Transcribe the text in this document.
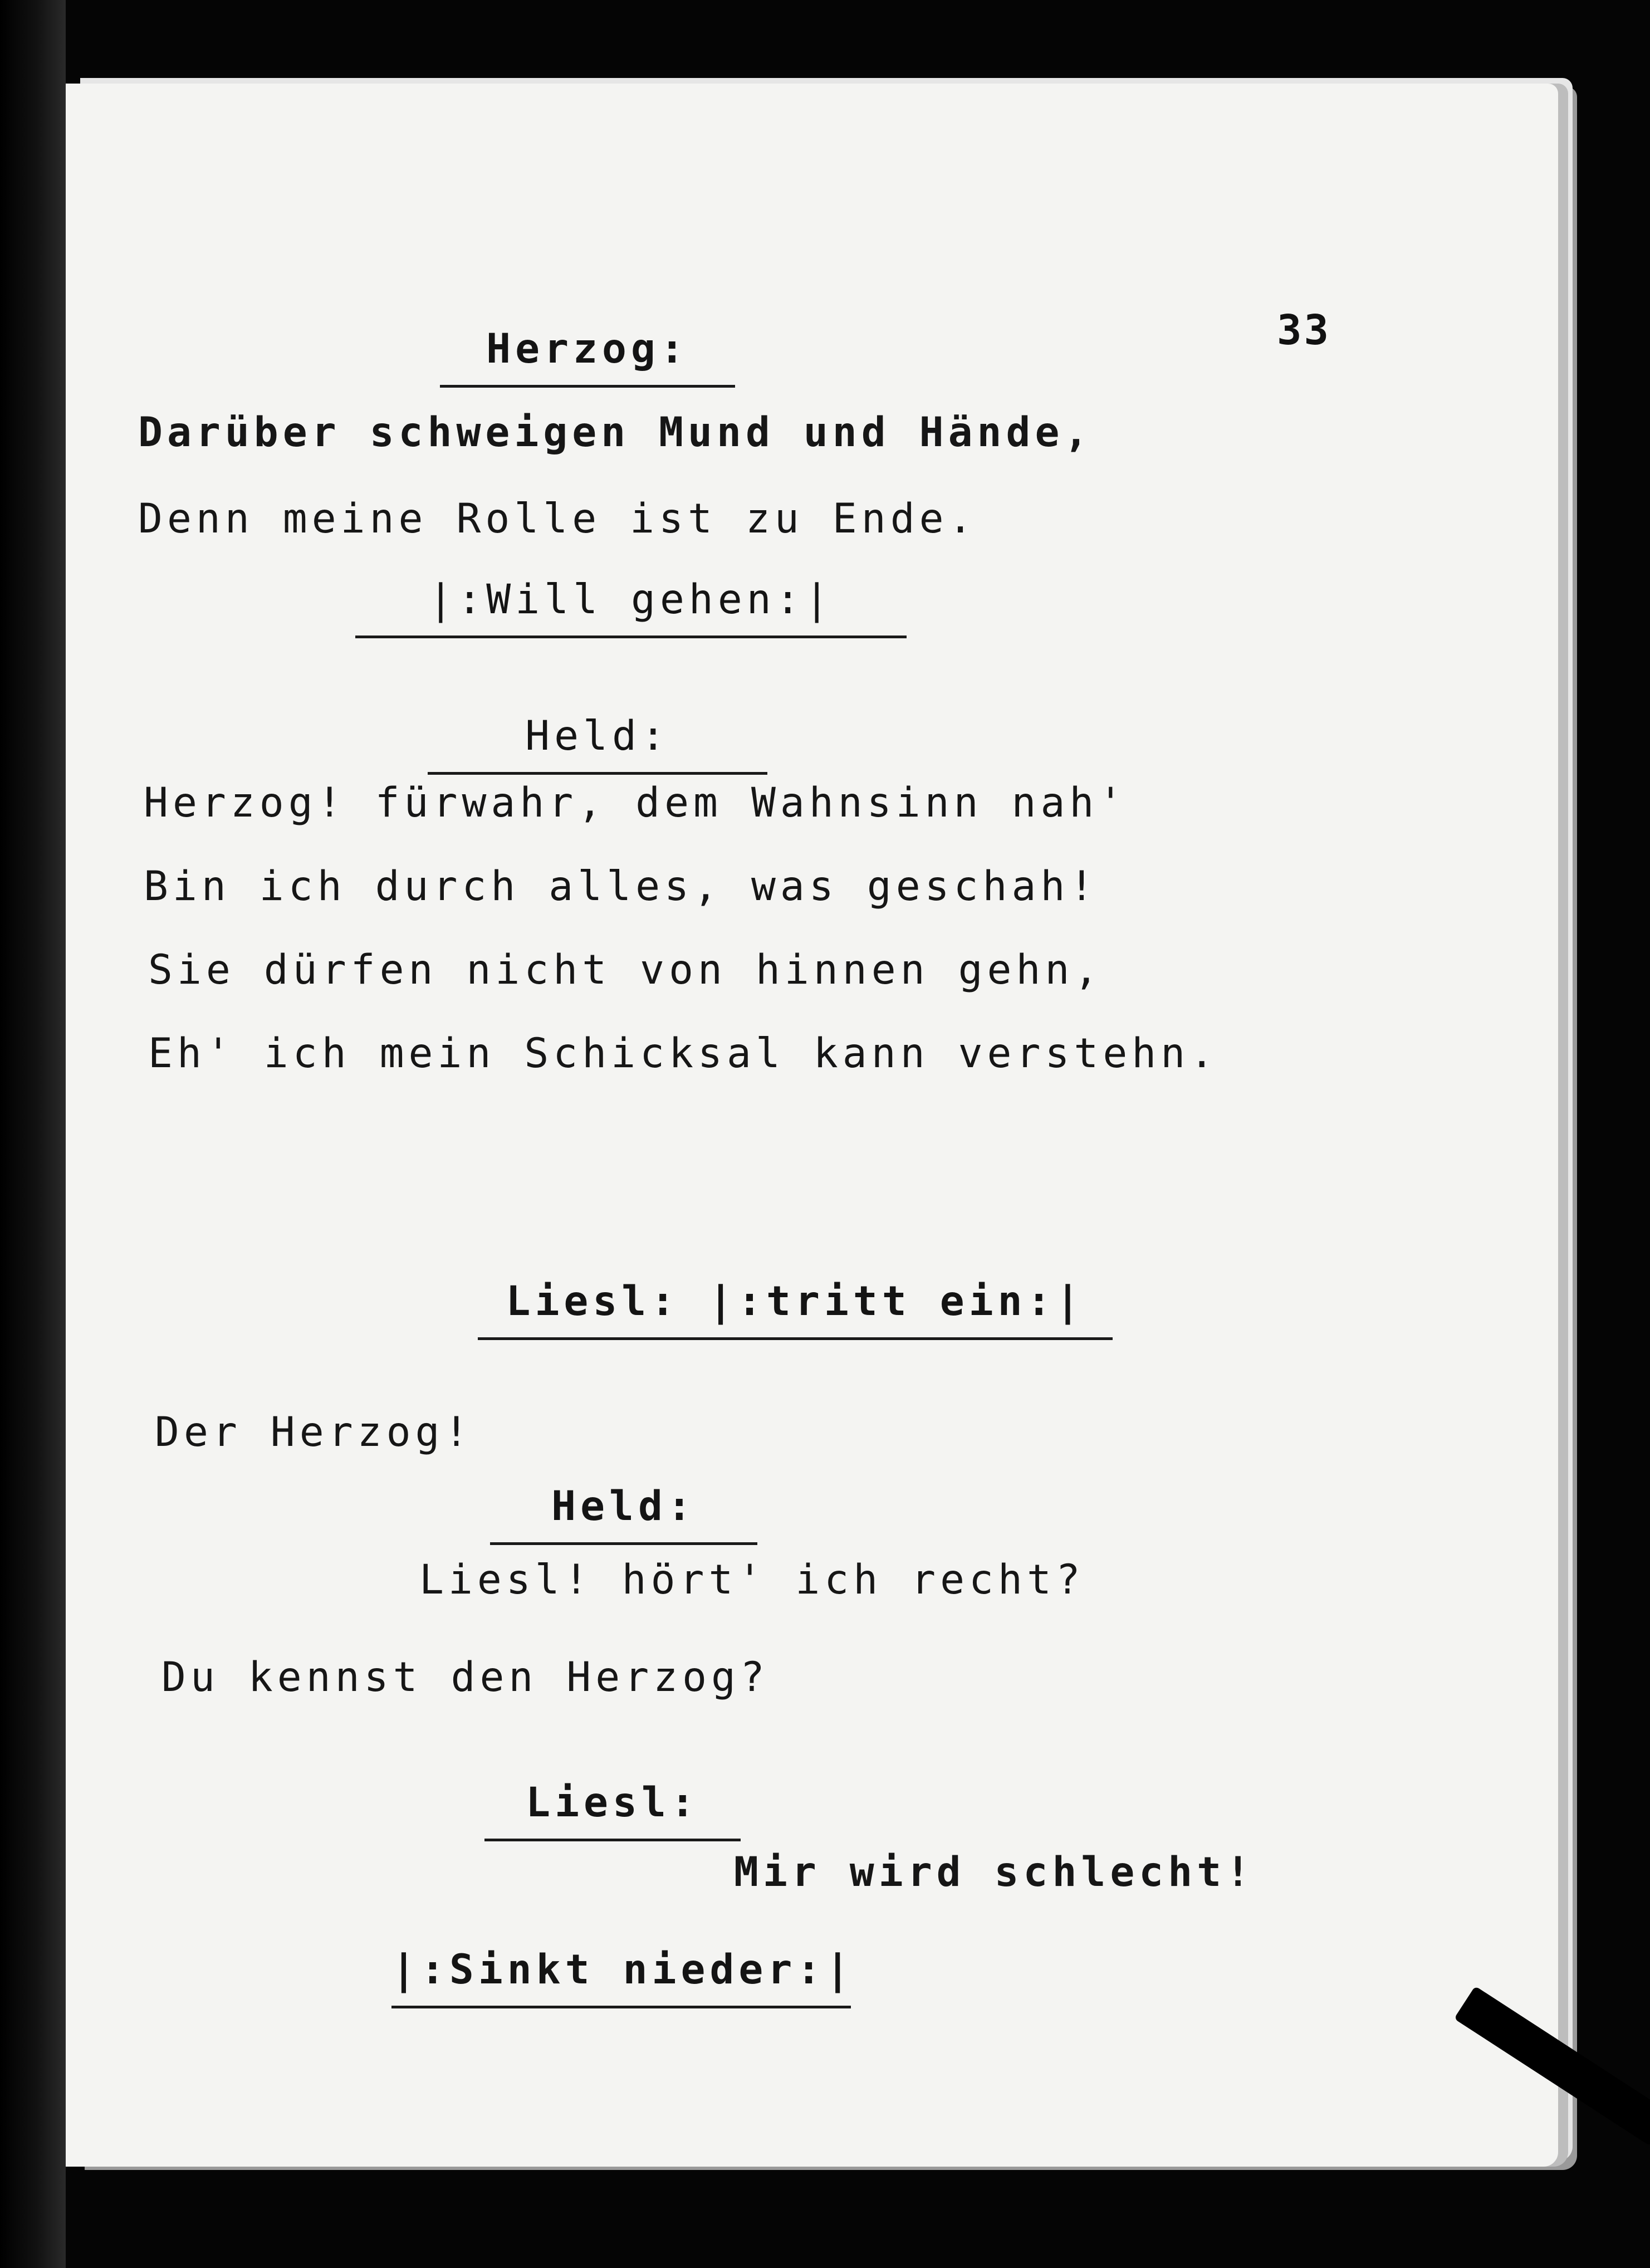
33
Herzog:
Darüber schweigen Mund und Hände,
Denn meine Rolle ist zu Ende.
|:Will gehen:|
Held:
Herzog! fürwahr, dem Wahnsinn nah'
Bin ich durch alles, was geschah!
Sie dürfen nicht von hinnen gehn,
Eh' ich mein Schicksal kann verstehn.
Liesl: |:tritt ein:|
Der Herzog!
Held:
Liesl! hört' ich recht?
Du kennst den Herzog?
Liesl:
Mir wird schlecht!
|:Sinkt nieder:|
